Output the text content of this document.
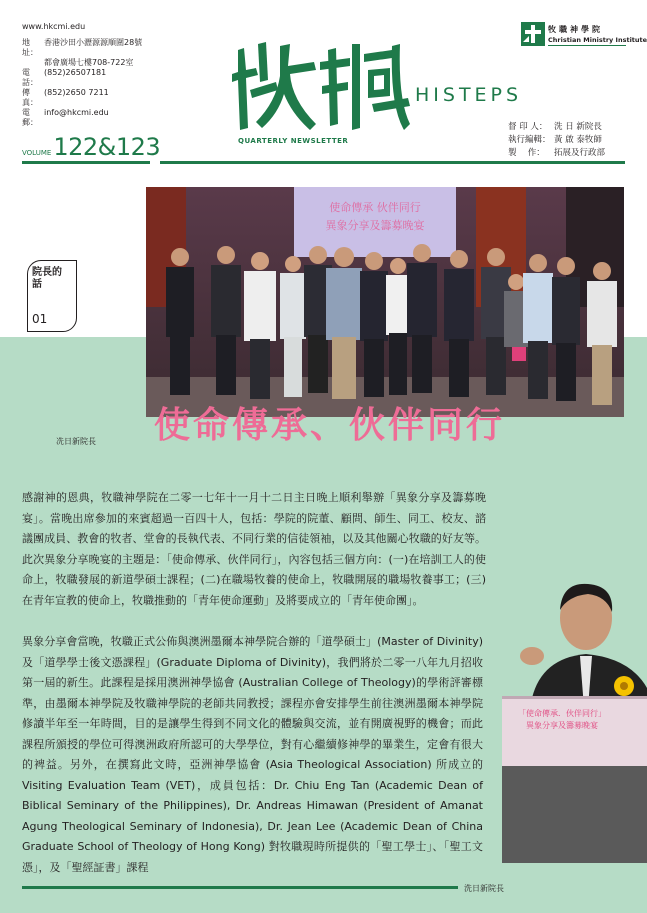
www.hkcmi.edu
地址：
香港沙田小瀝源源順圍28號
都會廣場七樓708-722室
電話：
(852)26507181
傳真：
(852)2650 7211
電郵：
info@hkcmi.edu
QUARTERLY NEWSLETTER
HISTEPS
VOLUME122&123
牧職神學院
Christian Ministry Institute
督 印 人： 洗 日 新院長
執行編輯： 黃 啟 泰牧師
製　 作：	拓展及行政部
使命傳承 伙伴同行
異象分享及籌募晚宴
院長的話
01
使命傳承、伙伴同行
冼日新院長

感謝神的恩典，牧職神學院在二零一七年十一月十二日主日晚上順利舉辦「異象分享及籌募晚宴」。當晚出席參加的來賓超過一百四十人，包括：學院的院董、顧問、師生、同工、校友、諮議團成員、教會的牧者、堂會的長執代表、不同行業的信徒領袖，以及其他關心牧職的好友等。此次異象分享晚宴的主題是：「使命傳承、伙伴同行」，內容包括三個方向：(一)在培訓工人的使命上，牧職發展的新道學碩士課程；(二)在職場牧養的使命上，牧職開展的職場牧養事工；(三)在青年宣教的使命上，牧職推動的「青年使命運動」及將要成立的「青年使命團」。

異象分享會當晚，牧職正式公佈與澳洲墨爾本神學院合辦的「道學碩士」(Master of Divinity) 及「道學學士後文憑課程」(Graduate Diploma of Divinity)，我們將於二零一八年九月招收第一屆的新生。此課程是採用澳洲神學協會 (Australian College of Theology)的學術評審標準，由墨爾本神學院及牧職神學院的老師共同教授；課程亦會安排學生前往澳洲墨爾本神學院修讀半年至一年時間，目的是讓學生得到不同文化的體驗與交流，並有開廣視野的機會；而此課程所頒授的學位可得澳洲政府所認可的大學學位，對有心繼續修神學的畢業生，定會有很大的裨益。另外，在撰寫此文時，亞洲神學協會 (Asia Theological Association) 所成立的 Visiting Evaluation Team (VET)，成員包括：Dr. Chiu Eng Tan (Academic Dean of Biblical Seminary of the Philippines), Dr. Andreas Himawan (President of Amanat Agung Theological Seminary of Indonesia), Dr. Jean Lee (Academic Dean of China Graduate School of Theology of Hong Kong) 對牧職現時所提供的「聖工學士」、「聖工文憑」，及「聖經証書」課程

「使命傳承．伙伴同行」
異象分享及籌募晚宴
洗日新院長
